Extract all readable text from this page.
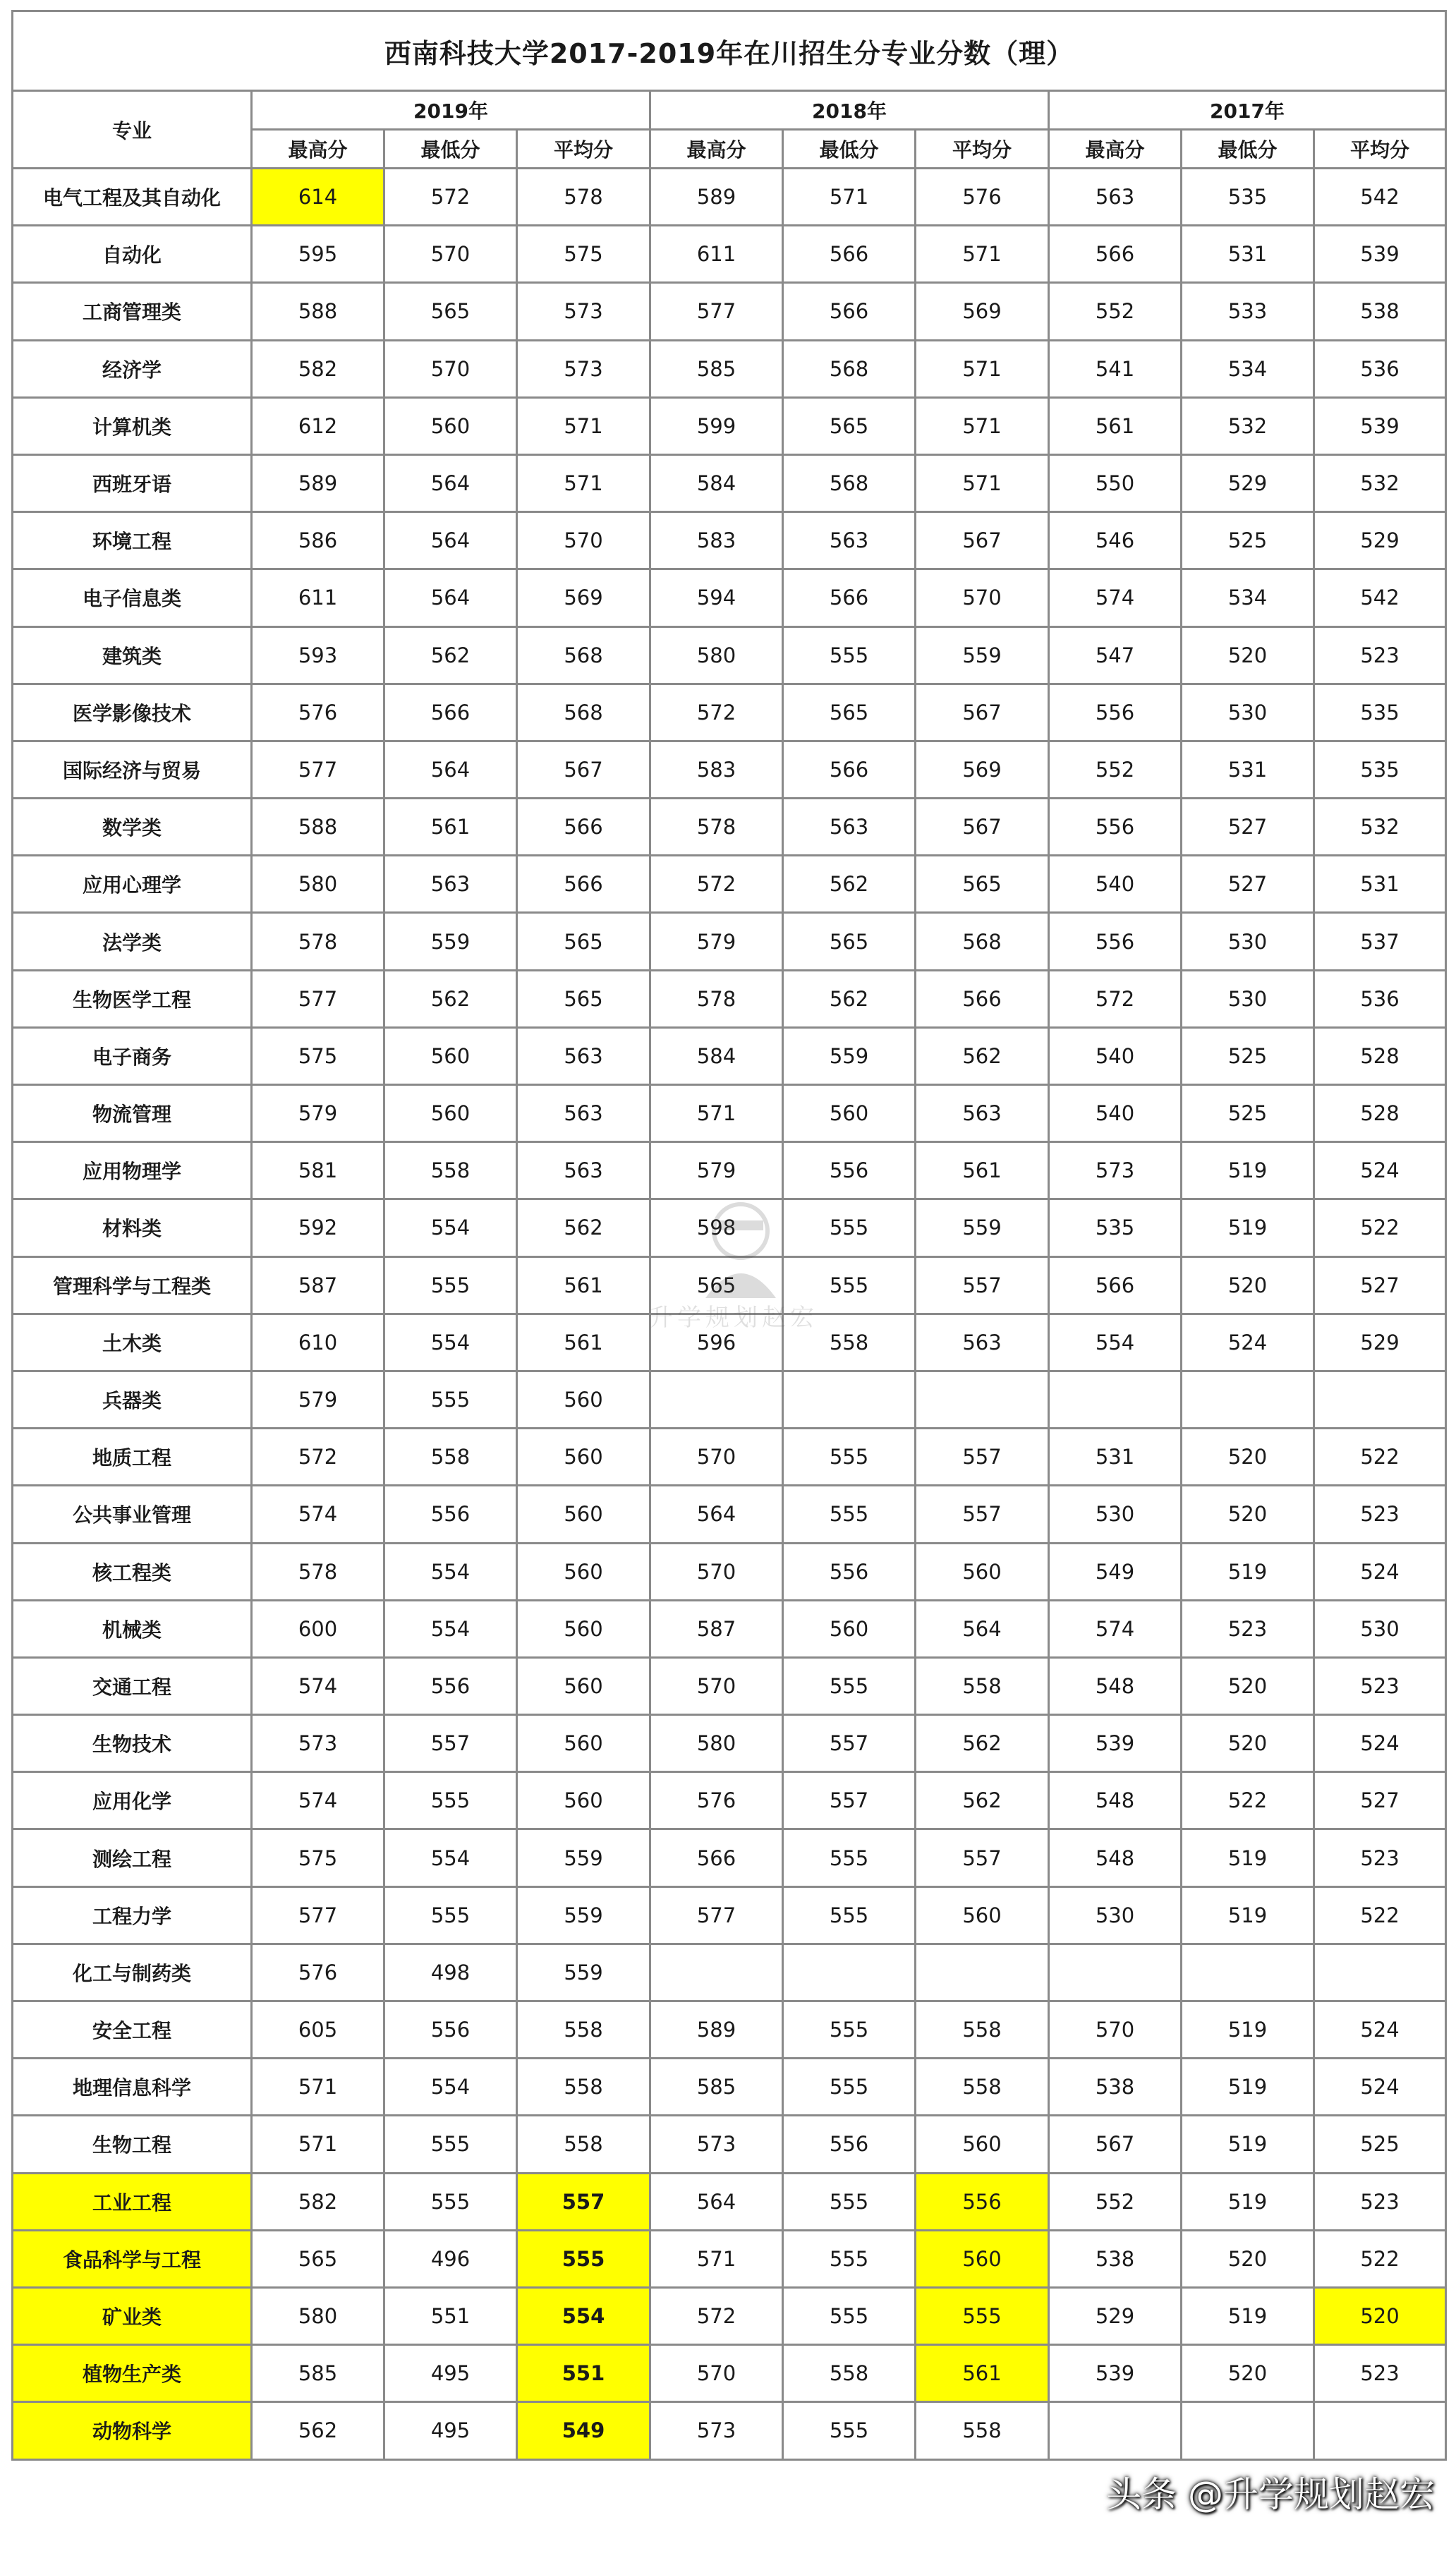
西南科技大学2017-2019年在川招生分专业分数（理）									
专业	2019年			2018年			2017年		
	最高分	最低分	平均分	最高分	最低分	平均分	最高分	最低分	平均分
电气工程及其自动化	614	572	578	589	571	576	563	535	542
自动化	595	570	575	611	566	571	566	531	539
工商管理类	588	565	573	577	566	569	552	533	538
经济学	582	570	573	585	568	571	541	534	536
计算机类	612	560	571	599	565	571	561	532	539
西班牙语	589	564	571	584	568	571	550	529	532
环境工程	586	564	570	583	563	567	546	525	529
电子信息类	611	564	569	594	566	570	574	534	542
建筑类	593	562	568	580	555	559	547	520	523
医学影像技术	576	566	568	572	565	567	556	530	535
国际经济与贸易	577	564	567	583	566	569	552	531	535
数学类	588	561	566	578	563	567	556	527	532
应用心理学	580	563	566	572	562	565	540	527	531
法学类	578	559	565	579	565	568	556	530	537
生物医学工程	577	562	565	578	562	566	572	530	536
电子商务	575	560	563	584	559	562	540	525	528
物流管理	579	560	563	571	560	563	540	525	528
应用物理学	581	558	563	579	556	561	573	519	524
材料类	592	554	562	598	555	559	535	519	522
管理科学与工程类	587	555	561	565	555	557	566	520	527
土木类	610	554	561	596	558	563	554	524	529
兵器类	579	555	560						
地质工程	572	558	560	570	555	557	531	520	522
公共事业管理	574	556	560	564	555	557	530	520	523
核工程类	578	554	560	570	556	560	549	519	524
机械类	600	554	560	587	560	564	574	523	530
交通工程	574	556	560	570	555	558	548	520	523
生物技术	573	557	560	580	557	562	539	520	524
应用化学	574	555	560	576	557	562	548	522	527
测绘工程	575	554	559	566	555	557	548	519	523
工程力学	577	555	559	577	555	560	530	519	522
化工与制药类	576	498	559						
安全工程	605	556	558	589	555	558	570	519	524
地理信息科学	571	554	558	585	555	558	538	519	524
生物工程	571	555	558	573	556	560	567	519	525
工业工程	582	555	557	564	555	556	552	519	523
食品科学与工程	565	496	555	571	555	560	538	520	522
矿业类	580	551	554	572	555	555	529	519	520
植物生产类	585	495	551	570	558	561	539	520	523
动物科学	562	495	549	573	555	558			
升学规划赵宏
头条 @升学规划赵宏
